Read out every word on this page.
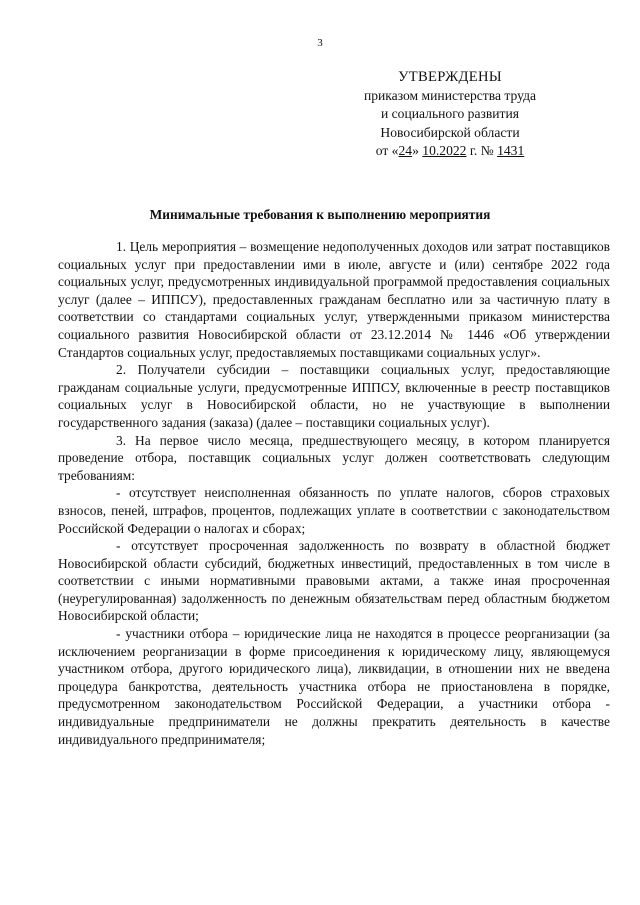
3
УТВЕРЖДЕНЫ
приказом министерства труда
и социального развития
Новосибирской области
от «24» 10.2022 г. № 1431
Минимальные требования к выполнению мероприятия

1. Цель мероприятия – возмещение недополученных доходов или затрат поставщиков социальных услуг при предоставлении ими в июле, августе и (или) сентябре 2022 года социальных услуг, предусмотренных индивидуальной программой предоставления социальных услуг (далее – ИППСУ), предоставленных гражданам бесплатно или за частичную плату в соответствии со стандартами социальных услуг, утвержденными приказом министерства социального развития Новосибирской области от 23.12.2014 № 1446 «Об утверждении Стандартов социальных услуг, предоставляемых поставщиками социальных услуг».

2. Получатели субсидии – поставщики социальных услуг, предоставляющие гражданам социальные услуги, предусмотренные ИППСУ, включенные в реестр поставщиков социальных услуг в Новосибирской области, но не участвующие в выполнении государственного задания (заказа) (далее – поставщики социальных услуг).

3. На первое число месяца, предшествующего месяцу, в котором планируется проведение отбора, поставщик социальных услуг должен соответствовать следующим требованиям:

- отсутствует неисполненная обязанность по уплате налогов, сборов страховых взносов, пеней, штрафов, процентов, подлежащих уплате в соответствии с законодательством Российской Федерации о налогах и сборах;

- отсутствует просроченная задолженность по возврату в областной бюджет Новосибирской области субсидий, бюджетных инвестиций, предоставленных в том числе в соответствии с иными нормативными правовыми актами, а также иная просроченная (неурегулированная) задолженность по денежным обязательствам перед областным бюджетом Новосибирской области;

- участники отбора – юридические лица не находятся в процессе реорганизации (за исключением реорганизации в форме присоединения к юридическому лицу, являющемуся участником отбора, другого юридического лица), ликвидации, в отношении них не введена процедура банкротства, деятельность участника отбора не приостановлена в порядке, предусмотренном законодательством Российской Федерации, а участники отбора - индивидуальные предприниматели не должны прекратить деятельность в качестве индивидуального предпринимателя;
